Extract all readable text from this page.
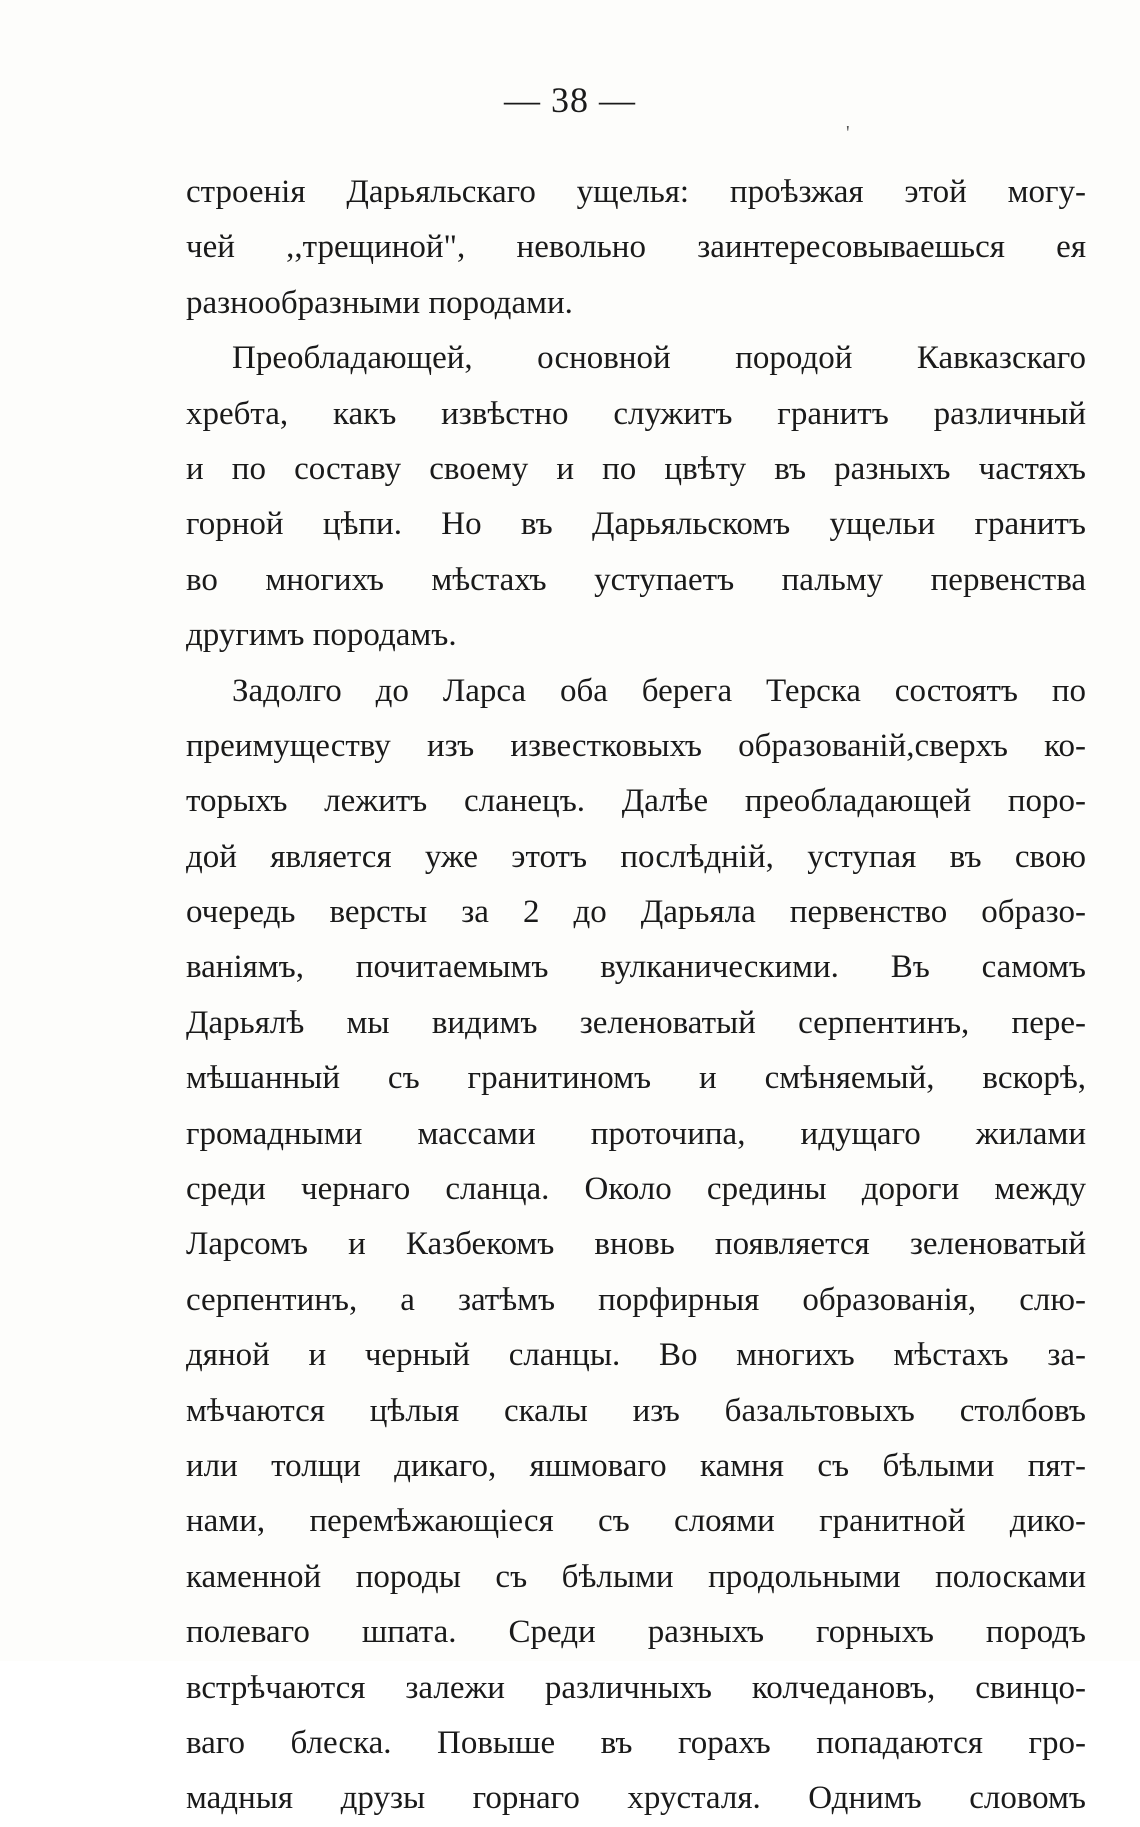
— 38 —
'
строенія Дарьяльскаго ущелья: проѣзжая этой могу-
чей ,,трещиной", невольно заинтересовываешься ея
разнообразными породами.
Преобладающей, основной породой Кавказскаго
хребта, какъ извѣстно служитъ гранитъ различный
и по составу своему и по цвѣту въ разныхъ частяхъ
горной цѣпи. Но въ Дарьяльскомъ ущельи гранитъ
во многихъ мѣстахъ уступаетъ пальму первенства
другимъ породамъ.
Задолго до Ларса оба берега Терска состоятъ по
преимуществу изъ известковыхъ образованій,сверхъ ко-
торыхъ лежитъ сланецъ. Далѣе преобладающей поро-
дой является уже этотъ послѣдній, уступая въ свою
очередь версты за 2 до Дарьяла первенство образо-
ваніямъ, почитаемымъ вулканическими. Въ самомъ
Дарьялѣ мы видимъ зеленоватый серпентинъ, пере-
мѣшанный съ гранитиномъ и смѣняемый, вскорѣ,
громадными массами проточипа, идущаго жилами
среди чернаго сланца. Около средины дороги между
Ларсомъ и Казбекомъ вновь появляется зеленоватый
серпентинъ, а затѣмъ порфирныя образованія, слю-
дяной и черный сланцы. Во многихъ мѣстахъ за-
мѣчаются цѣлыя скалы изъ базальтовыхъ столбовъ
или толщи дикаго, яшмоваго камня съ бѣлыми пят-
нами, перемѣжающіеся съ слоями гранитной дико-
каменной породы съ бѣлыми продольными полосками
полеваго шпата. Среди разныхъ горныхъ породъ
встрѣчаются залежи различныхъ колчедановъ, свинцо-
ваго блеска. Повыше въ горахъ попадаются гро-
мадныя друзы горнаго хрусталя. Однимъ словомъ
